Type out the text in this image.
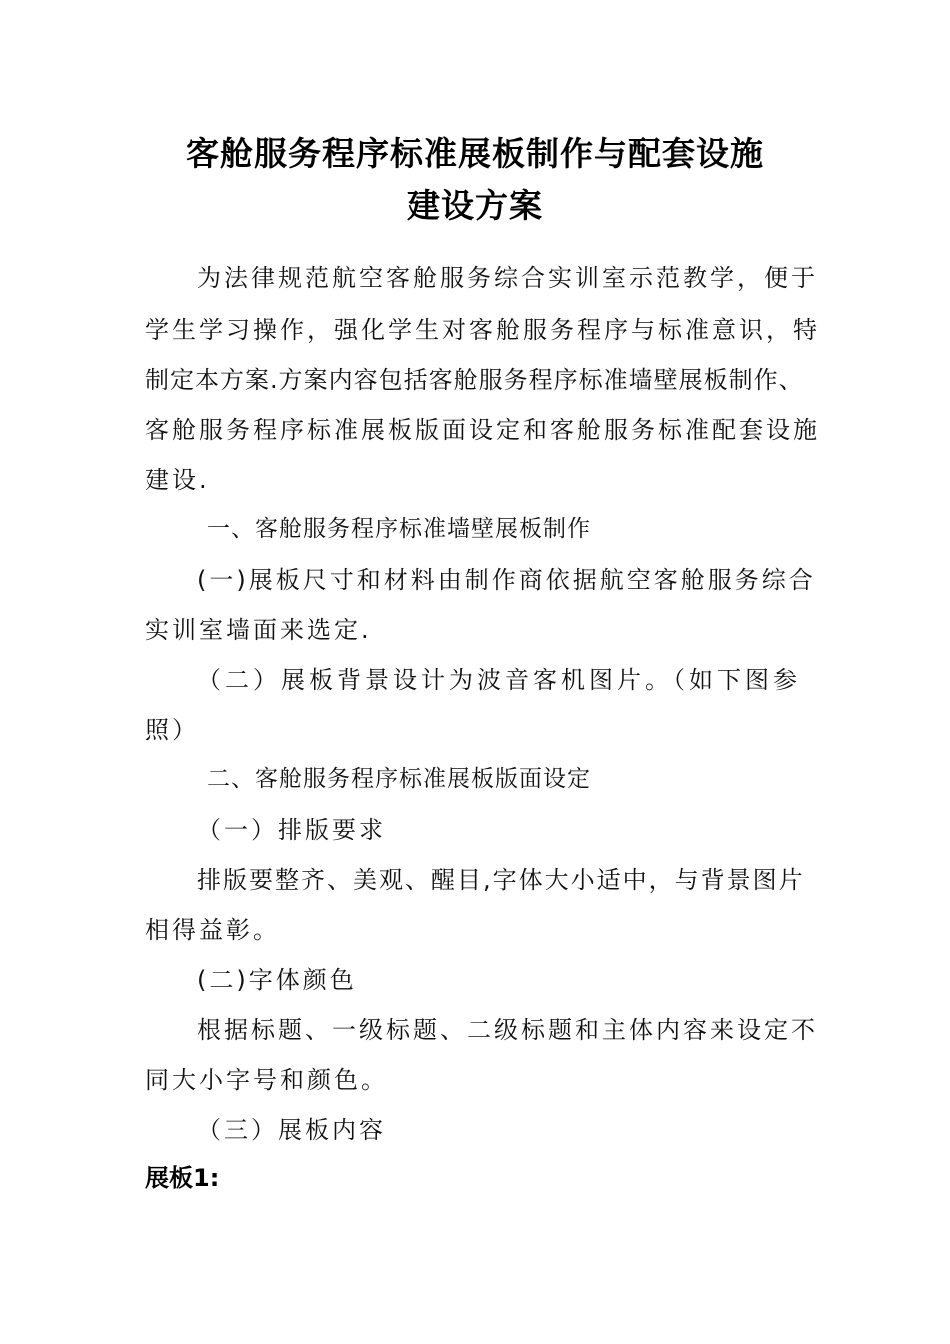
客舱服务程序标准展板制作与配套设施
建设方案
为法律规范航空客舱服务综合实训室示范教学，便于
学生学习操作，强化学生对客舱服务程序与标准意识，特
制定本方案.方案内容包括客舱服务程序标准墙壁展板制作、
客舱服务程序标准展板版面设定和客舱服务标准配套设施
建设.
一、客舱服务程序标准墙壁展板制作
(一)展板尺寸和材料由制作商依据航空客舱服务综合
实训室墙面来选定.
（二）展板背景设计为波音客机图片。（如下图参
照）
二、客舱服务程序标准展板版面设定
（一）排版要求
排版要整齐、美观、醒目,字体大小适中，与背景图片
相得益彰。
(二)字体颜色
根据标题、一级标题、二级标题和主体内容来设定不
同大小字号和颜色。
（三）展板内容
展板1:
